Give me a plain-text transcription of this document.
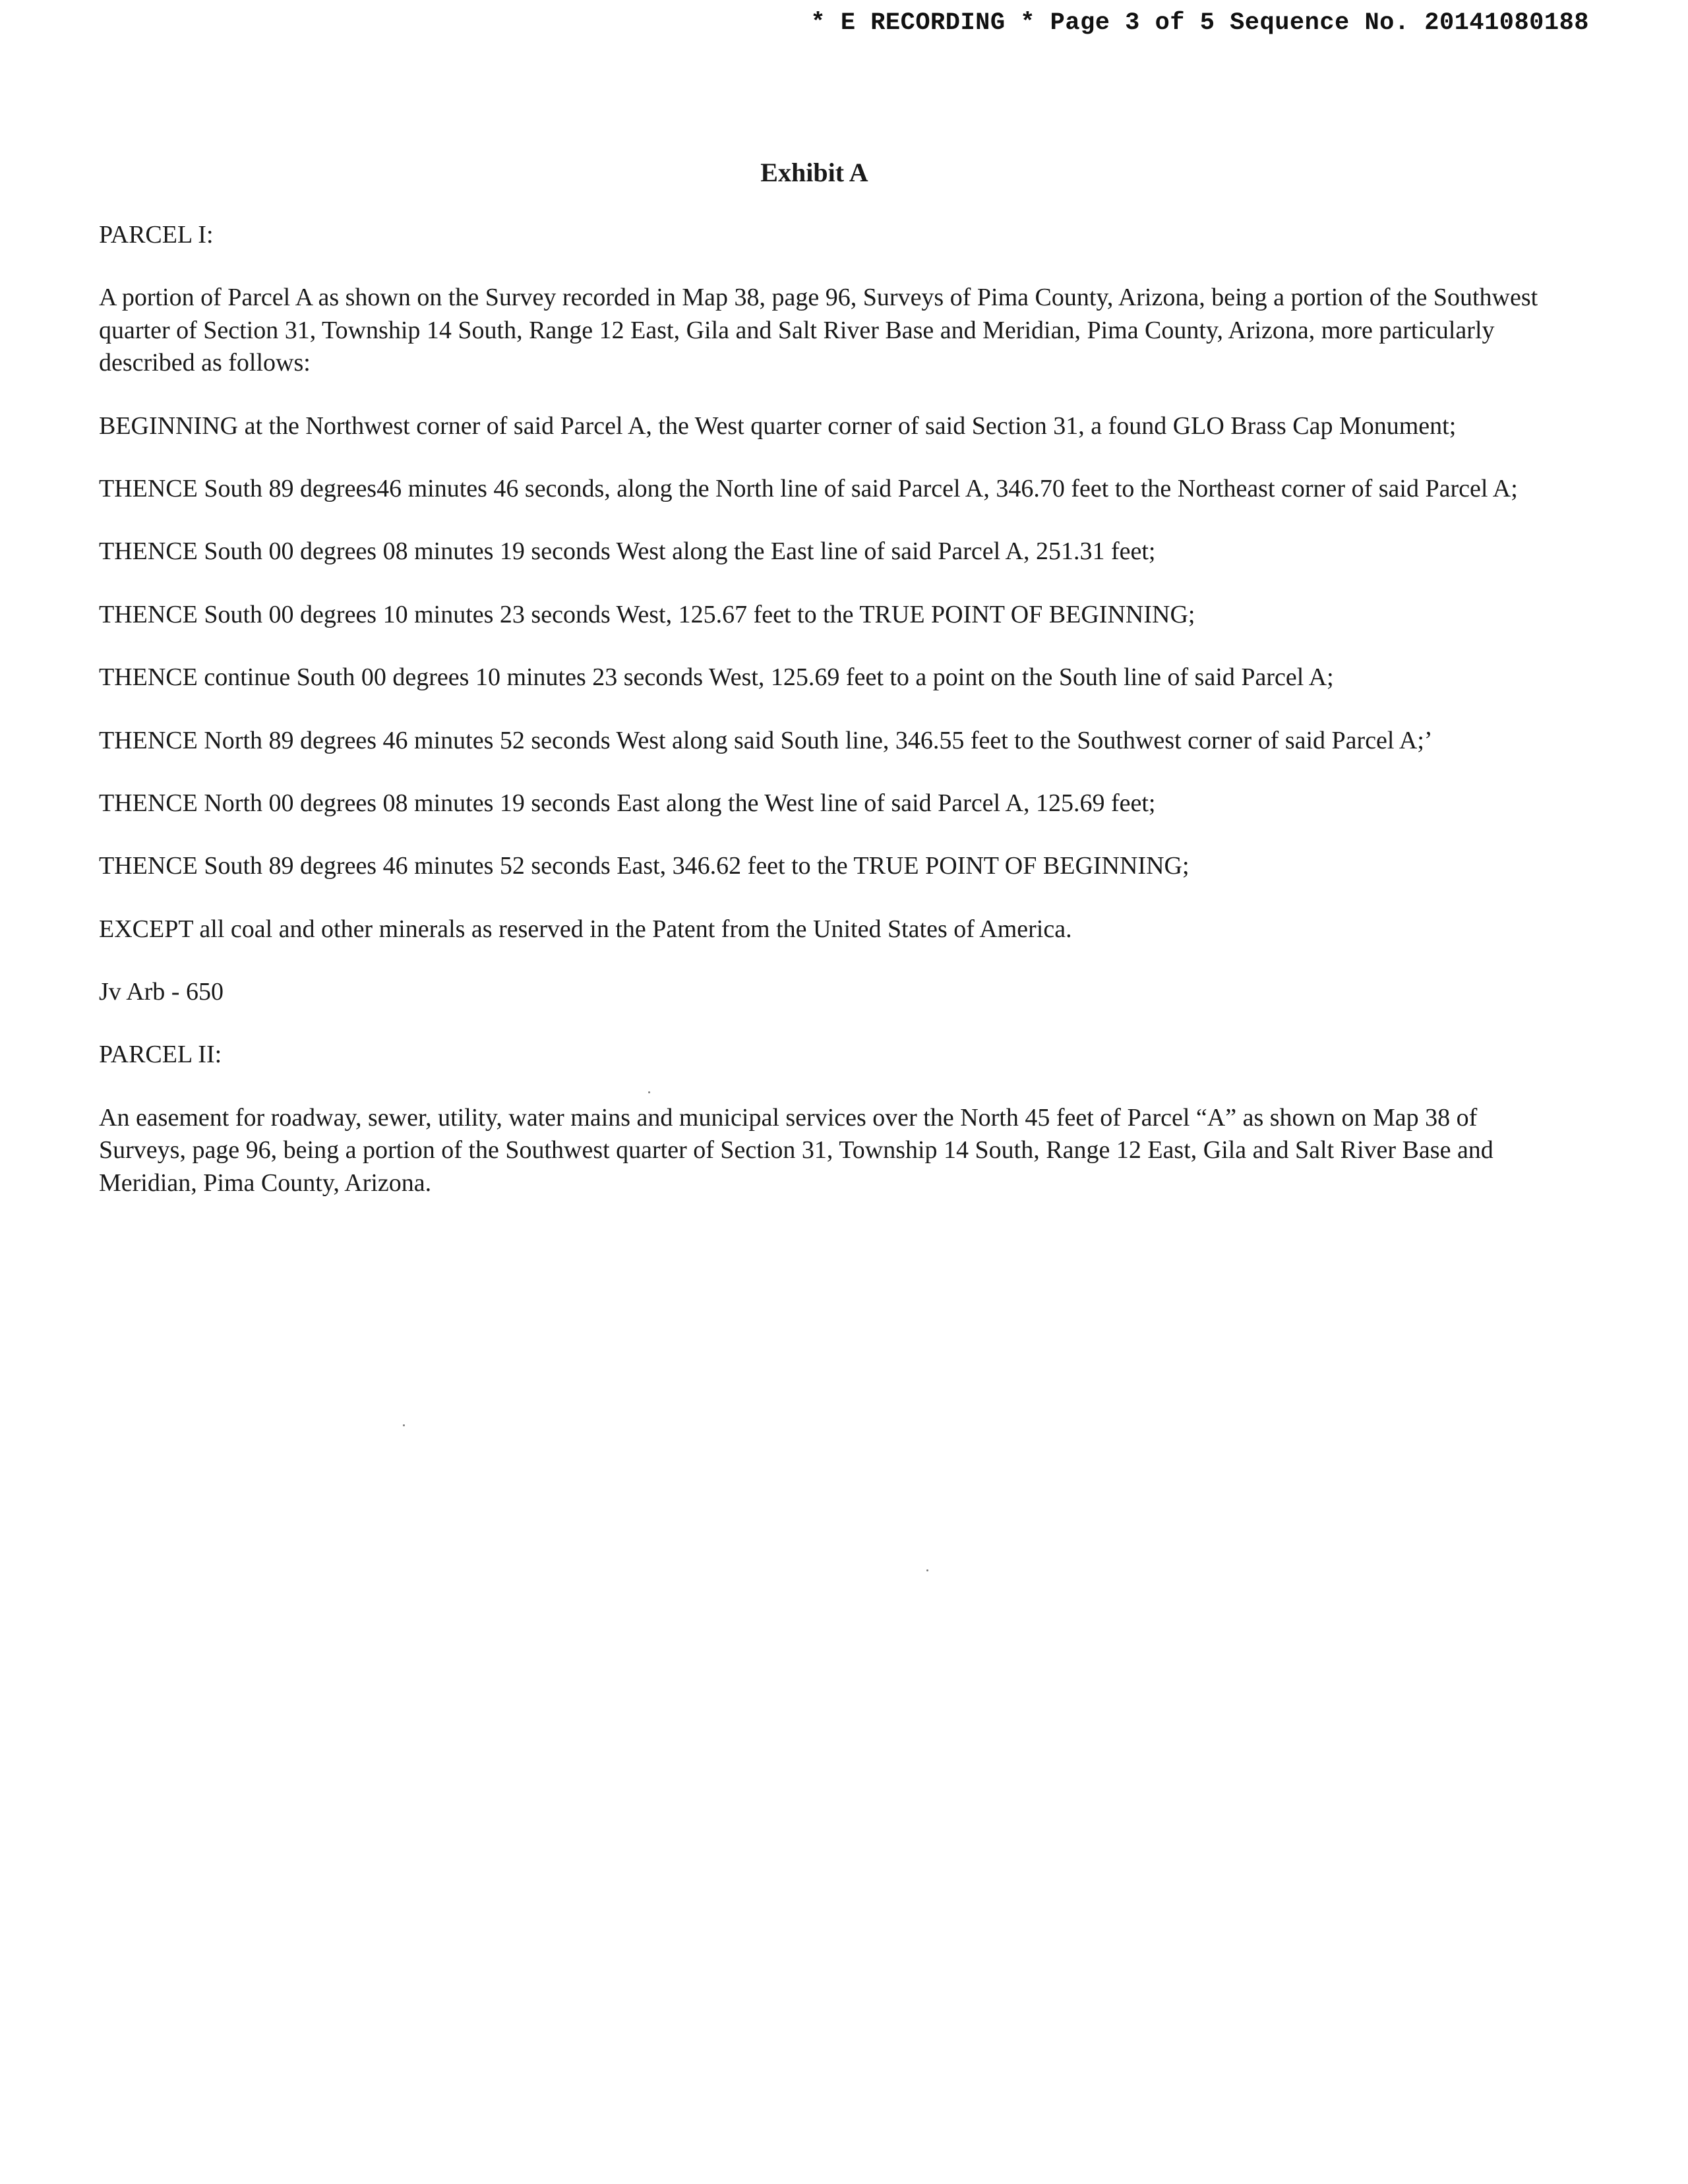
* E RECORDING * Page 3 of 5 Sequence No. 20141080188
Exhibit A
PARCEL I:

A portion of Parcel A as shown on the Survey recorded in Map 38, page 96, Surveys of Pima County, Arizona, being a portion of the Southwest quarter of Section 31, Township 14 South, Range 12 East, Gila and Salt River Base and Meridian, Pima County, Arizona, more particularly described as follows:

BEGINNING at the Northwest corner of said Parcel A, the West quarter corner of said Section 31, a found GLO Brass Cap Monument;

THENCE South 89 degrees46 minutes 46 seconds, along the North line of said Parcel A, 346.70 feet to the Northeast corner of said Parcel A;

THENCE South 00 degrees 08 minutes 19 seconds West along the East line of said Parcel A, 251.31 feet;

THENCE South 00 degrees 10 minutes 23 seconds West, 125.67 feet to the TRUE POINT OF BEGINNING;

THENCE continue South 00 degrees 10 minutes 23 seconds West, 125.69 feet to a point on the South line of said Parcel A;

THENCE North 89 degrees 46 minutes 52 seconds West along said South line, 346.55 feet to the Southwest corner of said Parcel A;’

THENCE North 00 degrees 08 minutes 19 seconds East along the West line of said Parcel A, 125.69 feet;

THENCE South 89 degrees 46 minutes 52 seconds East, 346.62 feet to the TRUE POINT OF BEGINNING;

EXCEPT all coal and other minerals as reserved in the Patent from the United States of America.

Jv Arb - 650

PARCEL II:

An easement for roadway, sewer, utility, water mains and municipal services over the North 45 feet of Parcel “A” as shown on Map 38 of Surveys, page 96, being a portion of the Southwest quarter of Section 31, Township 14 South, Range 12 East, Gila and Salt River Base and Meridian, Pima County, Arizona.
